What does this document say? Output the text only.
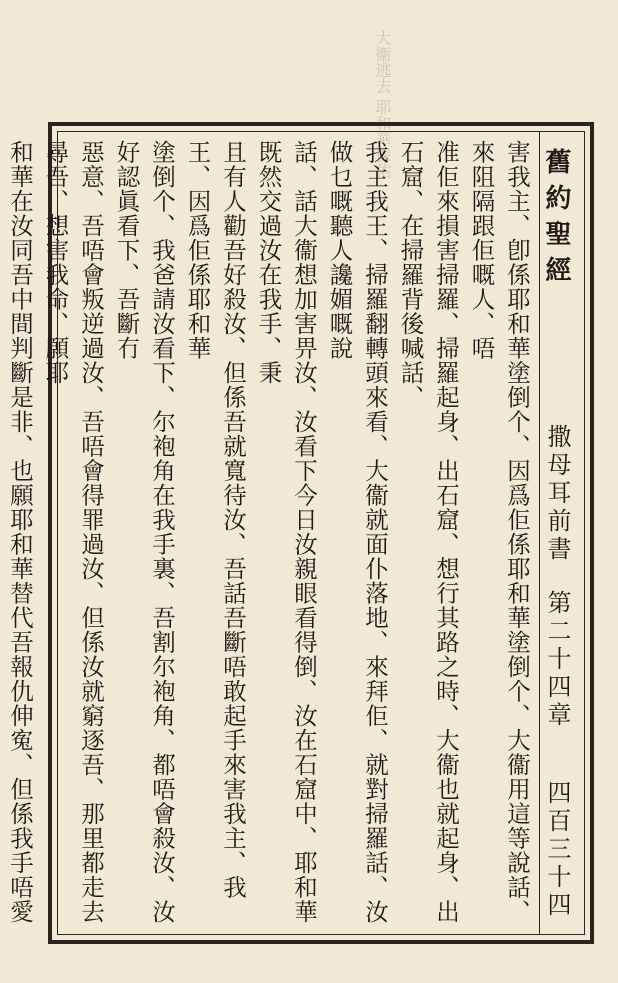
大衞逃去 耶和華保佑
舊約聖經
撒母耳前書第二十四章
四百三十四
害我主、卽係耶和華塗倒个、因爲佢係耶和華塗倒个、大衞用這等說話、來阻隔跟佢嘅人、唔
准佢來損害掃羅、掃羅起身、出石窟、想行其路之時、大衞也就起身、出石窟、在掃羅背後喊話、
我主我王、掃羅翻轉頭來看、大衞就面仆落地、來拜佢、就對掃羅話、汝做乜嘅聽人讒媚嘅說
話、話大衞想加害畀汝、汝看下今日汝親眼看得倒、汝在石窟中、耶和華既然交過汝在我手、秉
且有人勸吾好殺汝、但係吾就寬待汝、吾話吾斷唔敢起手來害我主、我王、因爲佢係耶和華
塗倒个、我爸請汝看下、尔袍角在我手裏、吾割尔袍角、都唔會殺汝、汝好認眞看下、吾斷冇
惡意、吾唔會叛逆過汝、吾唔會得罪過汝、但係汝就窮逐吾、那里都走去尋吾、想害我命、願耶
和華在汝同吾中間判斷是非、也願耶和華替代吾報仇伸寃、但係我手唔愛
